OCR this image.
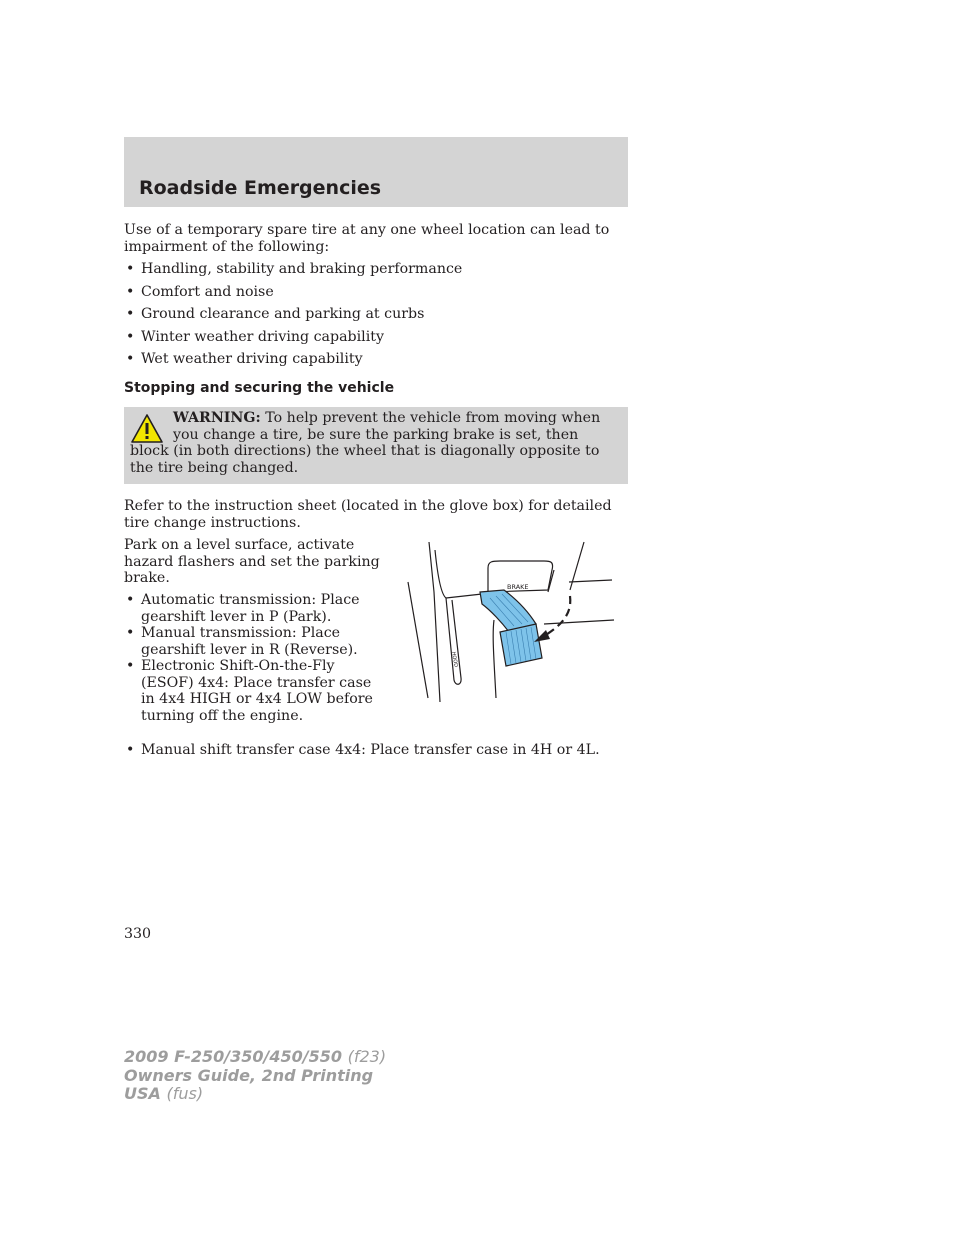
Roadside Emergencies

Use of a temporary spare tire at any one wheel location can lead to impairment of the following:

• Handling, stability and braking performance
• Comfort and noise
• Ground clearance and parking at curbs
• Winter weather driving capability
• Wet weather driving capability
Stopping and securing the vehicle

WARNING: To help prevent the vehicle from moving when you change a tire, be sure the parking brake is set, then block (in both directions) the wheel that is diagonally opposite to the tire being changed.

Refer to the instruction sheet (located in the glove box) for detailed tire change instructions.

Park on a level surface, activate hazard flashers and set the parking brake.

• Automatic transmission: Place gearshift lever in P (Park).
• Manual transmission: Place gearshift lever in R (Reverse).
• Electronic Shift-On-the-Fly (ESOF) 4x4: Place transfer case in 4x4 HIGH or 4x4 LOW before turning off the engine.
• Manual shift transfer case 4x4: Place transfer case in 4H or 4L.
BRAKE
HOOD

330

2009 F-250/350/450/550 (f23)
Owners Guide, 2nd Printing
USA (fus)
